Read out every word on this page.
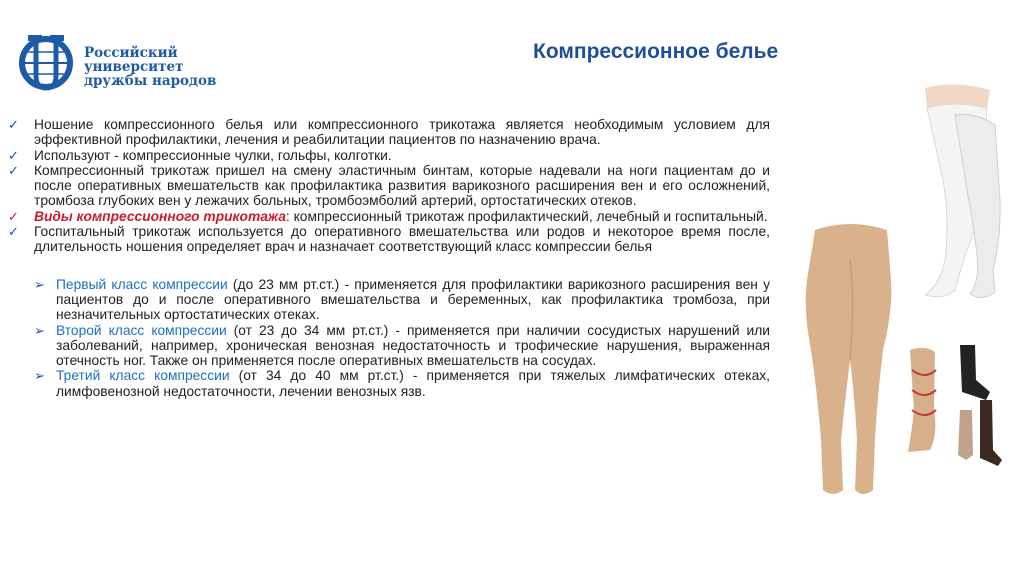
Российский университет
дружбы народов
Компрессионное белье
✓ Ношение компрессионного белья или компрессионного трикотажа является необходимым условием для эффективной профилактики, лечения и реабилитации пациентов по назначению врача.
✓ Используют - компрессионные чулки, гольфы, колготки.
✓ Компрессионный трикотаж пришел на смену эластичным бинтам, которые надевали на ноги пациентам до и после оперативных вмешательств как профилактика развития варикозного расширения вен и его осложнений, тромбоза глубоких вен у лежачих больных, тромбоэмболий артерий, ортостатических отеков.
✓ Виды компрессионного трикотажа: компрессионный трикотаж профилактический, лечебный и госпитальный.
✓ Госпитальный трикотаж используется до оперативного вмешательства или родов и некоторое время после, длительность ношения определяет врач и назначает соответствующий класс компрессии белья
➢ Первый класс компрессии (до 23 мм рт.ст.) - применяется для профилактики варикозного расширения вен у пациентов до и после оперативного вмешательства и беременных, как профилактика тромбоза, при незначительных ортостатических отеках.
➢ Второй класс компрессии (от 23 до 34 мм рт.ст.) - применяется при наличии сосудистых нарушений или заболеваний, например, хроническая венозная недостаточность и трофические нарушения, выраженная отечность ног. Также он применяется после оперативных вмешательств на сосудах.
➢ Третий класс компрессии (от 34 до 40 мм рт.ст.) - применяется при тяжелых лимфатических отеках, лимфовенозной недостаточности, лечении венозных язв.
